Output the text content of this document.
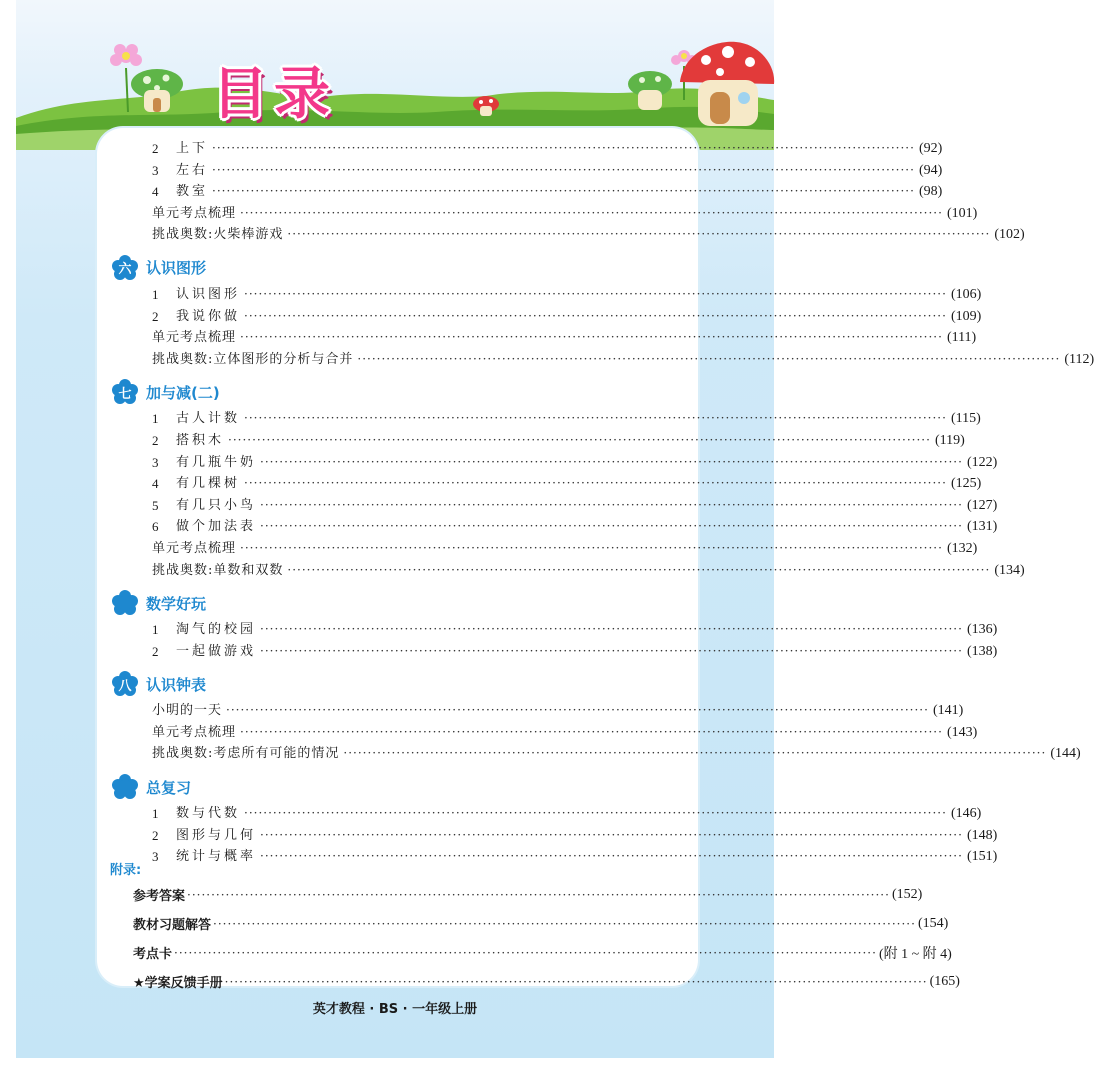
目录
2	上下 ·················································································································································· (92)
3	左右 ·················································································································································· (94)
4	教室 ·················································································································································· (98)
单元考点梳理 ·················································································································································· (101)
挑战奥数:火柴棒游戏 ·················································································································································· (102)
六 认识图形
1	认识图形 ·················································································································································· (106)
2	我说你做 ·················································································································································· (109)
单元考点梳理 ·················································································································································· (111)
挑战奥数:立体图形的分析与合并 ·················································································································································· (112)
七 加与减(二)
1	古人计数 ·················································································································································· (115)
2	搭积木 ·················································································································································· (119)
3	有几瓶牛奶 ·················································································································································· (122)
4	有几棵树 ·················································································································································· (125)
5	有几只小鸟 ·················································································································································· (127)
6	做个加法表 ·················································································································································· (131)
单元考点梳理 ·················································································································································· (132)
挑战奥数:单数和双数 ·················································································································································· (134)
数学好玩
1	淘气的校园 ·················································································································································· (136)
2	一起做游戏 ·················································································································································· (138)
八 认识钟表
小明的一天 ·················································································································································· (141)
单元考点梳理 ·················································································································································· (143)
挑战奥数:考虑所有可能的情况 ·················································································································································· (144)
总复习
1	数与代数 ·················································································································································· (146)
2	图形与几何 ·················································································································································· (148)
3	统计与概率 ·················································································································································· (151)
附录:
参考答案 ·················································································································································· (152)
教材习题解答 ·················································································································································· (154)
考点卡 ·················································································································································· (附 1 ~ 附 4)
★学案反馈手册 ·················································································································································· (165)
英才教程 · BS · 一年级上册
